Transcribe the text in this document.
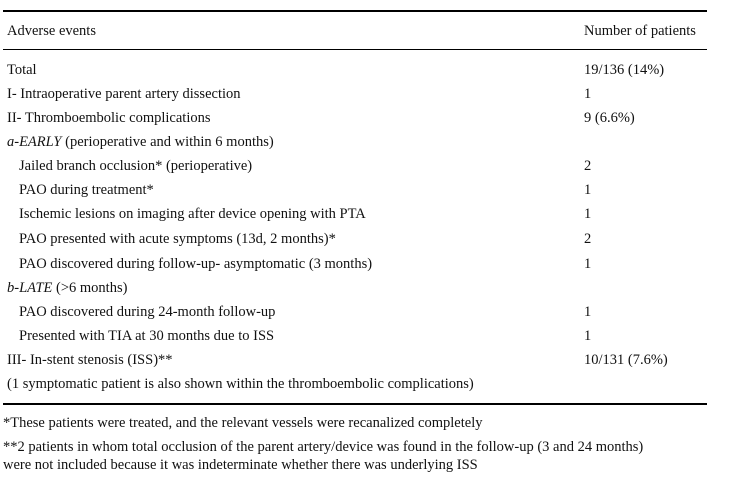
Adverse events	Number of patients
Total	19/136 (14%)
I- Intraoperative parent artery dissection	1
II- Thromboembolic complications	9 (6.6%)
a-EARLY (perioperative and within 6 months)
Jailed branch occlusion* (perioperative)	2
PAO during treatment*	1
Ischemic lesions on imaging after device opening with PTA	1
PAO presented with acute symptoms (13d, 2 months)*	2
PAO discovered during follow-up- asymptomatic (3 months)	1
b-LATE (>6 months)
PAO discovered during 24-month follow-up	1
Presented with TIA at 30 months due to ISS	1
III- In-stent stenosis (ISS)**	10/131 (7.6%)
(1 symptomatic patient is also shown within the thromboembolic complications)
*These patients were treated, and the relevant vessels were recanalized completely
**2 patients in whom total occlusion of the parent artery/device was found in the follow-up (3 and 24 months)
were not included because it was indeterminate whether there was underlying ISS
